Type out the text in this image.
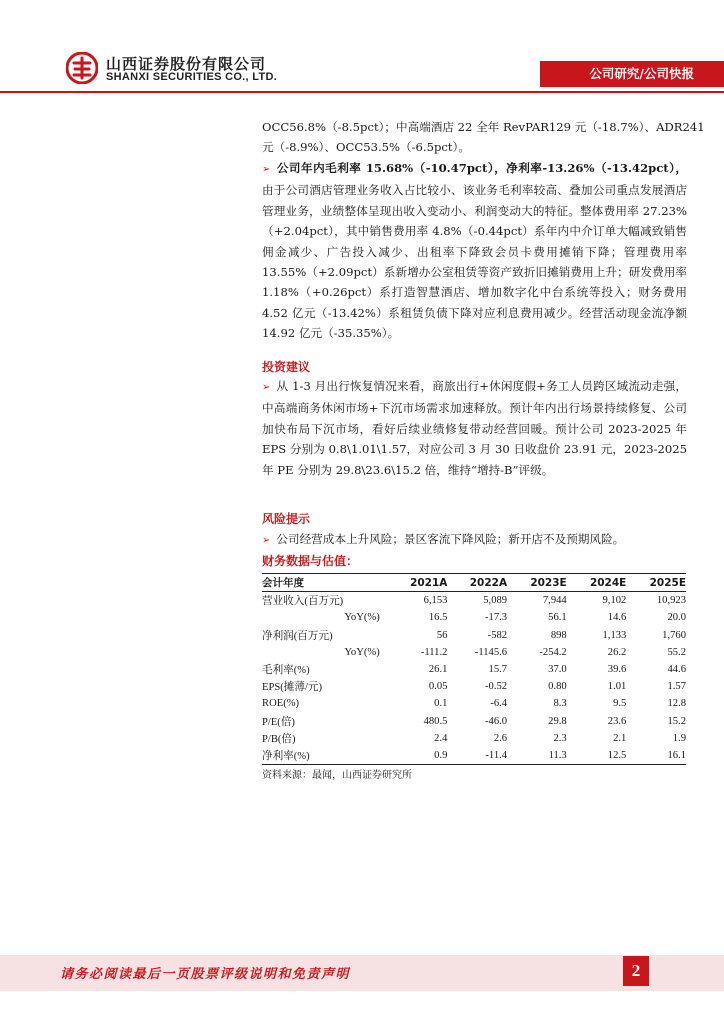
山西证券股份有限公司
SHANXI SECURITIES CO., LTD.	公司研究/公司快报
OCC56.8%（-8.5pct）；中高端酒店 22 全年 RevPAR129 元（-18.7%）、ADR241
元（-8.9%）、OCC53.5%（-6.5pct）。
➢ 公司年内毛利率 15.68%（-10.47pct），净利率-13.26%（-13.42pct），由于公司酒店管理业务收入占比较小、该业务毛利率较高、叠加公司重点发展酒店管理业务，业绩整体呈现出收入变动小、利润变动大的特征。整体费用率 27.23%（+2.04pct），其中销售费用率 4.8%（-0.44pct）系年内中介订单大幅减致销售佣金减少、广告投入减少、出租率下降致会员卡费用摊销下降；管理费用率 13.55%（+2.09pct）系新增办公室租赁等资产致折旧摊销费用上升；研发费用率 1.18%（+0.26pct）系打造智慧酒店、增加数字化中台系统等投入；财务费用 4.52 亿元（-13.42%）系租赁负债下降对应利息费用减少。经营活动现金流净额 14.92 亿元（-35.35%）。
投资建议
➢ 从 1-3 月出行恢复情况来看，商旅出行+休闲度假+务工人员跨区域流动走强，中高端商务休闲市场+下沉市场需求加速释放。预计年内出行场景持续修复、公司加快布局下沉市场，看好后续业绩修复带动经营回暖。预计公司 2023-2025 年 EPS 分别为 0.8\1.01\1.57，对应公司 3 月 30 日收盘价 23.91 元，2023-2025 年 PE 分别为 29.8\23.6\15.2 倍，维持“增持-B”评级。
风险提示
➢ 公司经营成本上升风险；景区客流下降风险；新开店不及预期风险。
财务数据与估值：
会计年度	2021A	2022A	2023E	2024E	2025E
营业收入(百万元)	6,153	5,089	7,944	9,102	10,923
YoY(%)	16.5	-17.3	56.1	14.6	20.0
净利润(百万元)	56	-582	898	1,133	1,760
YoY(%)	-111.2	-1145.6	-254.2	26.2	55.2
毛利率(%)	26.1	15.7	37.0	39.6	44.6
EPS(摊薄/元)	0.05	-0.52	0.80	1.01	1.57
ROE(%)	0.1	-6.4	8.3	9.5	12.8
P/E(倍)	480.5	-46.0	29.8	23.6	15.2
P/B(倍)	2.4	2.6	2.3	2.1	1.9
净利率(%)	0.9	-11.4	11.3	12.5	16.1
资料来源：最闻，山西证券研究所
请务必阅读最后一页股票评级说明和免责声明	2
